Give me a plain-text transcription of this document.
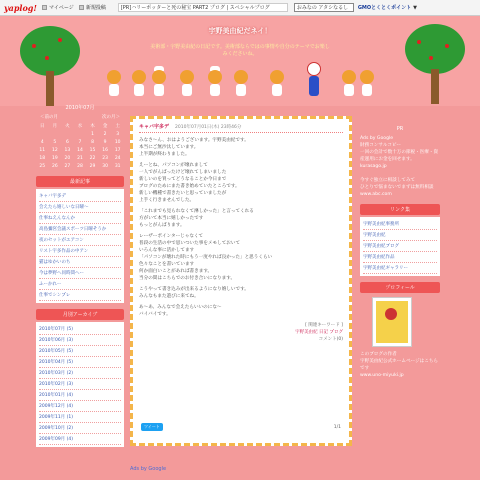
yaplog!	マイページ 新規投稿	[PR]ハリーポッターと死の秘宝 PART2 プログ | スペシャルプログ	おみなの アタシなるし	GMOとくとくポイント ▼
宇野美由紀だネイ！
美術部・宇野美由紀の日記です。美術部ならではの事情や自分のテーマでお楽しみくださいね。
2010年07月
＜前の月	次の月＞
日	月	火	水	木	金	土
				1	2	3
4	5	6	7	8	9	10
11	12	13	14	15	16	17
18	19	20	21	22	23	24
25	26	27	28	29	30	31
最新記事
キャバ宇多デ
会えたら嬉しいな日曜〜
仕事ねえんなんか
高島彌宮会議スポーツ日曜そうか
夜のセットがエアコン
リスト宇多作品の中アン
猫はゆかいのち
今は夢野へ同時間へー
ふーかれー
仕事でシンプレ
月別アーカイブ
2010年07月 (5)
2010年06月 (3)
2010年05月 (5)
2010年04月 (5)
2010年03月 (2)
2010年02月 (3)
2010年01月 (4)
2009年12月 (4)
2009年11月 (1)
2009年10月 (2)
2009年09月 (4)
キャバ宇多デ 2010年07月01日(木) 23時46分
みなさ〜ん、おはようございます。宇野美由紀です。
本当にご無沙汰しています。
上半期が終わりました。
えーとね、パソコンが壊れまして
一人でがんばったけど壊れてしまいました
新しいのを買ってどうなることか今日まで
ブログのためにまた書き始めていたところです。
新しい機種で書きたいと思っていましたが
上手く行きませんでした。
「これまでも見られなくて淋しかった」と言ってくれる
方がいて本当に嬉しかったです
もっとがんばります。
レーザーポインターじゃなくて
普段の生活の中で思いついた事をメモしておいて
いろんな事に活かしてます
「パソコンが壊れた時にもう一度やれば良かった」と思うくらい
色々なことを書いています
何か面白いことがあれば書きます。
当分の間はこちらでのお付き合いになります。
こうやって書き込みが出来るようになり嬉しいです。
みんなもまた遊びに来てね。
あ〜あ、みんなで会えたらいいのにな〜
バイバイです。
[ 関連キーワード ]
宇野美由紀 日記 プログ
コメント(0)
ツイート	1/1
PR
Ads by Google
財務コンサルコピー
一回の会計で数十万の節税・医療・資産運用にお金を回せます。
kurasago.jp

今すぐ独立に相談してみて
ひとりで悩まないでまずは無料相談
www.abc.com
リンク集
宇野美由紀事務所
宇野美由紀
宇野美由紀ブログ
宇野美由紀作品
宇野美由紀ギャラリー
プロフィール
このブログの作者
宇野美由紀公式ホームページはこちらです
www.uno-miyuki.jp
Ads by Google
